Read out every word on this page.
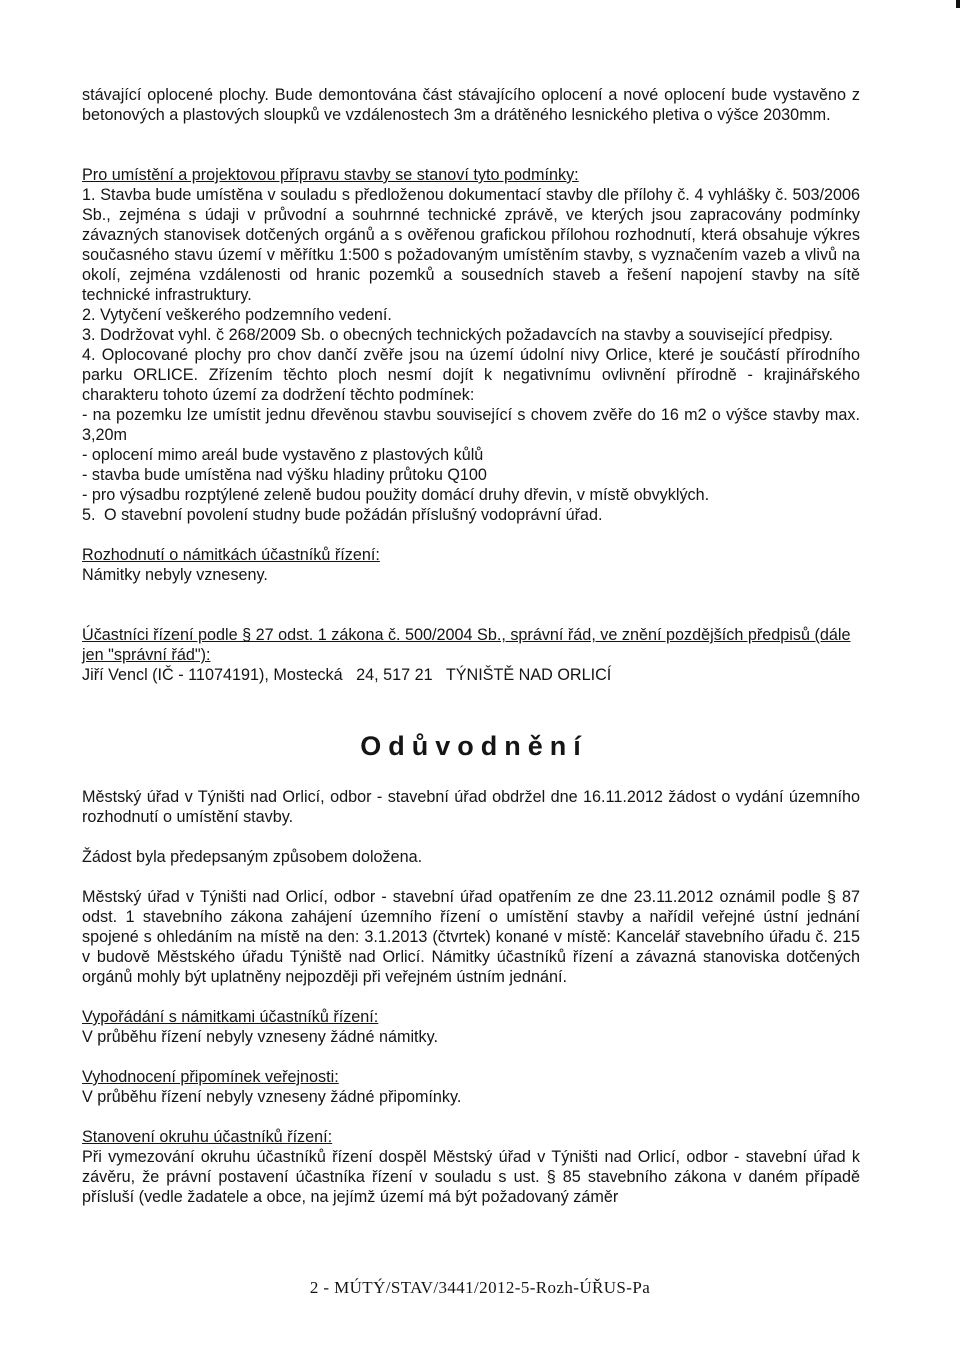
stávající oplocené plochy. Bude demontována část stávajícího oplocení a nové oplocení bude vystavěno z betonových a plastových sloupků ve vzdálenostech 3m a drátěného lesnického pletiva o výšce 2030mm.

Pro umístění a projektovou přípravu stavby se stanoví tyto podmínky:

1. Stavba bude umístěna v souladu s předloženou dokumentací stavby dle přílohy č. 4 vyhlášky č. 503/2006 Sb., zejména s údaji v průvodní a souhrnné technické zprávě, ve kterých jsou zapracovány podmínky závazných stanovisek dotčených orgánů a s ověřenou grafickou přílohou rozhodnutí, která obsahuje výkres současného stavu území v měřítku 1:500 s požadovaným umístěním stavby, s vyznačením vazeb a vlivů na okolí, zejména vzdálenosti od hranic pozemků a sousedních staveb a řešení napojení stavby na sítě technické infrastruktury.

2. Vytyčení veškerého podzemního vedení.

3. Dodržovat vyhl. č 268/2009 Sb. o obecných technických požadavcích na stavby a související předpisy.

4. Oplocované plochy pro chov dančí zvěře jsou na území údolní nivy Orlice, které je součástí přírodního parku ORLICE. Zřízením těchto ploch nesmí dojít k negativnímu ovlivnění přírodně - krajinářského charakteru tohoto území za dodržení těchto podmínek:

- na pozemku lze umístit jednu dřevěnou stavbu související s chovem zvěře do 16 m2 o výšce stavby max. 3,20m

- oplocení mimo areál bude vystavěno z plastových kůlů

- stavba bude umístěna nad výšku hladiny průtoku Q100

- pro výsadbu rozptýlené zeleně budou použity domácí druhy dřevin, v místě obvyklých.

5. O stavební povolení studny bude požádán příslušný vodoprávní úřad.

Rozhodnutí o námitkách účastníků řízení:

Námitky nebyly vzneseny.

Účastníci řízení podle § 27 odst. 1 zákona č. 500/2004 Sb., správní řád, ve znění pozdějších předpisů (dále jen "správní řád"):

Jiří Vencl (IČ - 11074191), Mostecká   24, 517 21   TÝNIŠTĚ NAD ORLICÍ

Odůvodnění

Městský úřad v Týništi nad Orlicí, odbor - stavební úřad obdržel dne 16.11.2012 žádost o vydání územního rozhodnutí o umístění stavby.

Žádost byla předepsaným způsobem doložena.

Městský úřad v Týništi nad Orlicí, odbor - stavební úřad opatřením ze dne 23.11.2012 oznámil podle § 87 odst. 1 stavebního zákona zahájení územního řízení o umístění stavby a nařídil veřejné ústní jednání spojené s ohledáním na místě na den: 3.1.2013 (čtvrtek) konané v místě: Kancelář stavebního úřadu č. 215 v budově Městského úřadu Týniště nad Orlicí. Námitky účastníků řízení a závazná stanoviska dotčených orgánů mohly být uplatněny nejpozději při veřejném ústním jednání.

Vypořádání s námitkami účastníků řízení:

V průběhu řízení nebyly vzneseny žádné námitky.

Vyhodnocení připomínek veřejnosti:

V průběhu řízení nebyly vzneseny žádné připomínky.

Stanovení okruhu účastníků řízení:

Při vymezování okruhu účastníků řízení dospěl Městský úřad v Týništi nad Orlicí, odbor - stavební úřad k závěru, že právní postavení účastníka řízení v souladu s ust. § 85 stavebního zákona v daném případě přísluší (vedle žadatele a obce, na jejímž území má být požadovaný záměr

2 - MÚTÝ/STAV/3441/2012-5-Rozh-ÚŘUS-Pa
